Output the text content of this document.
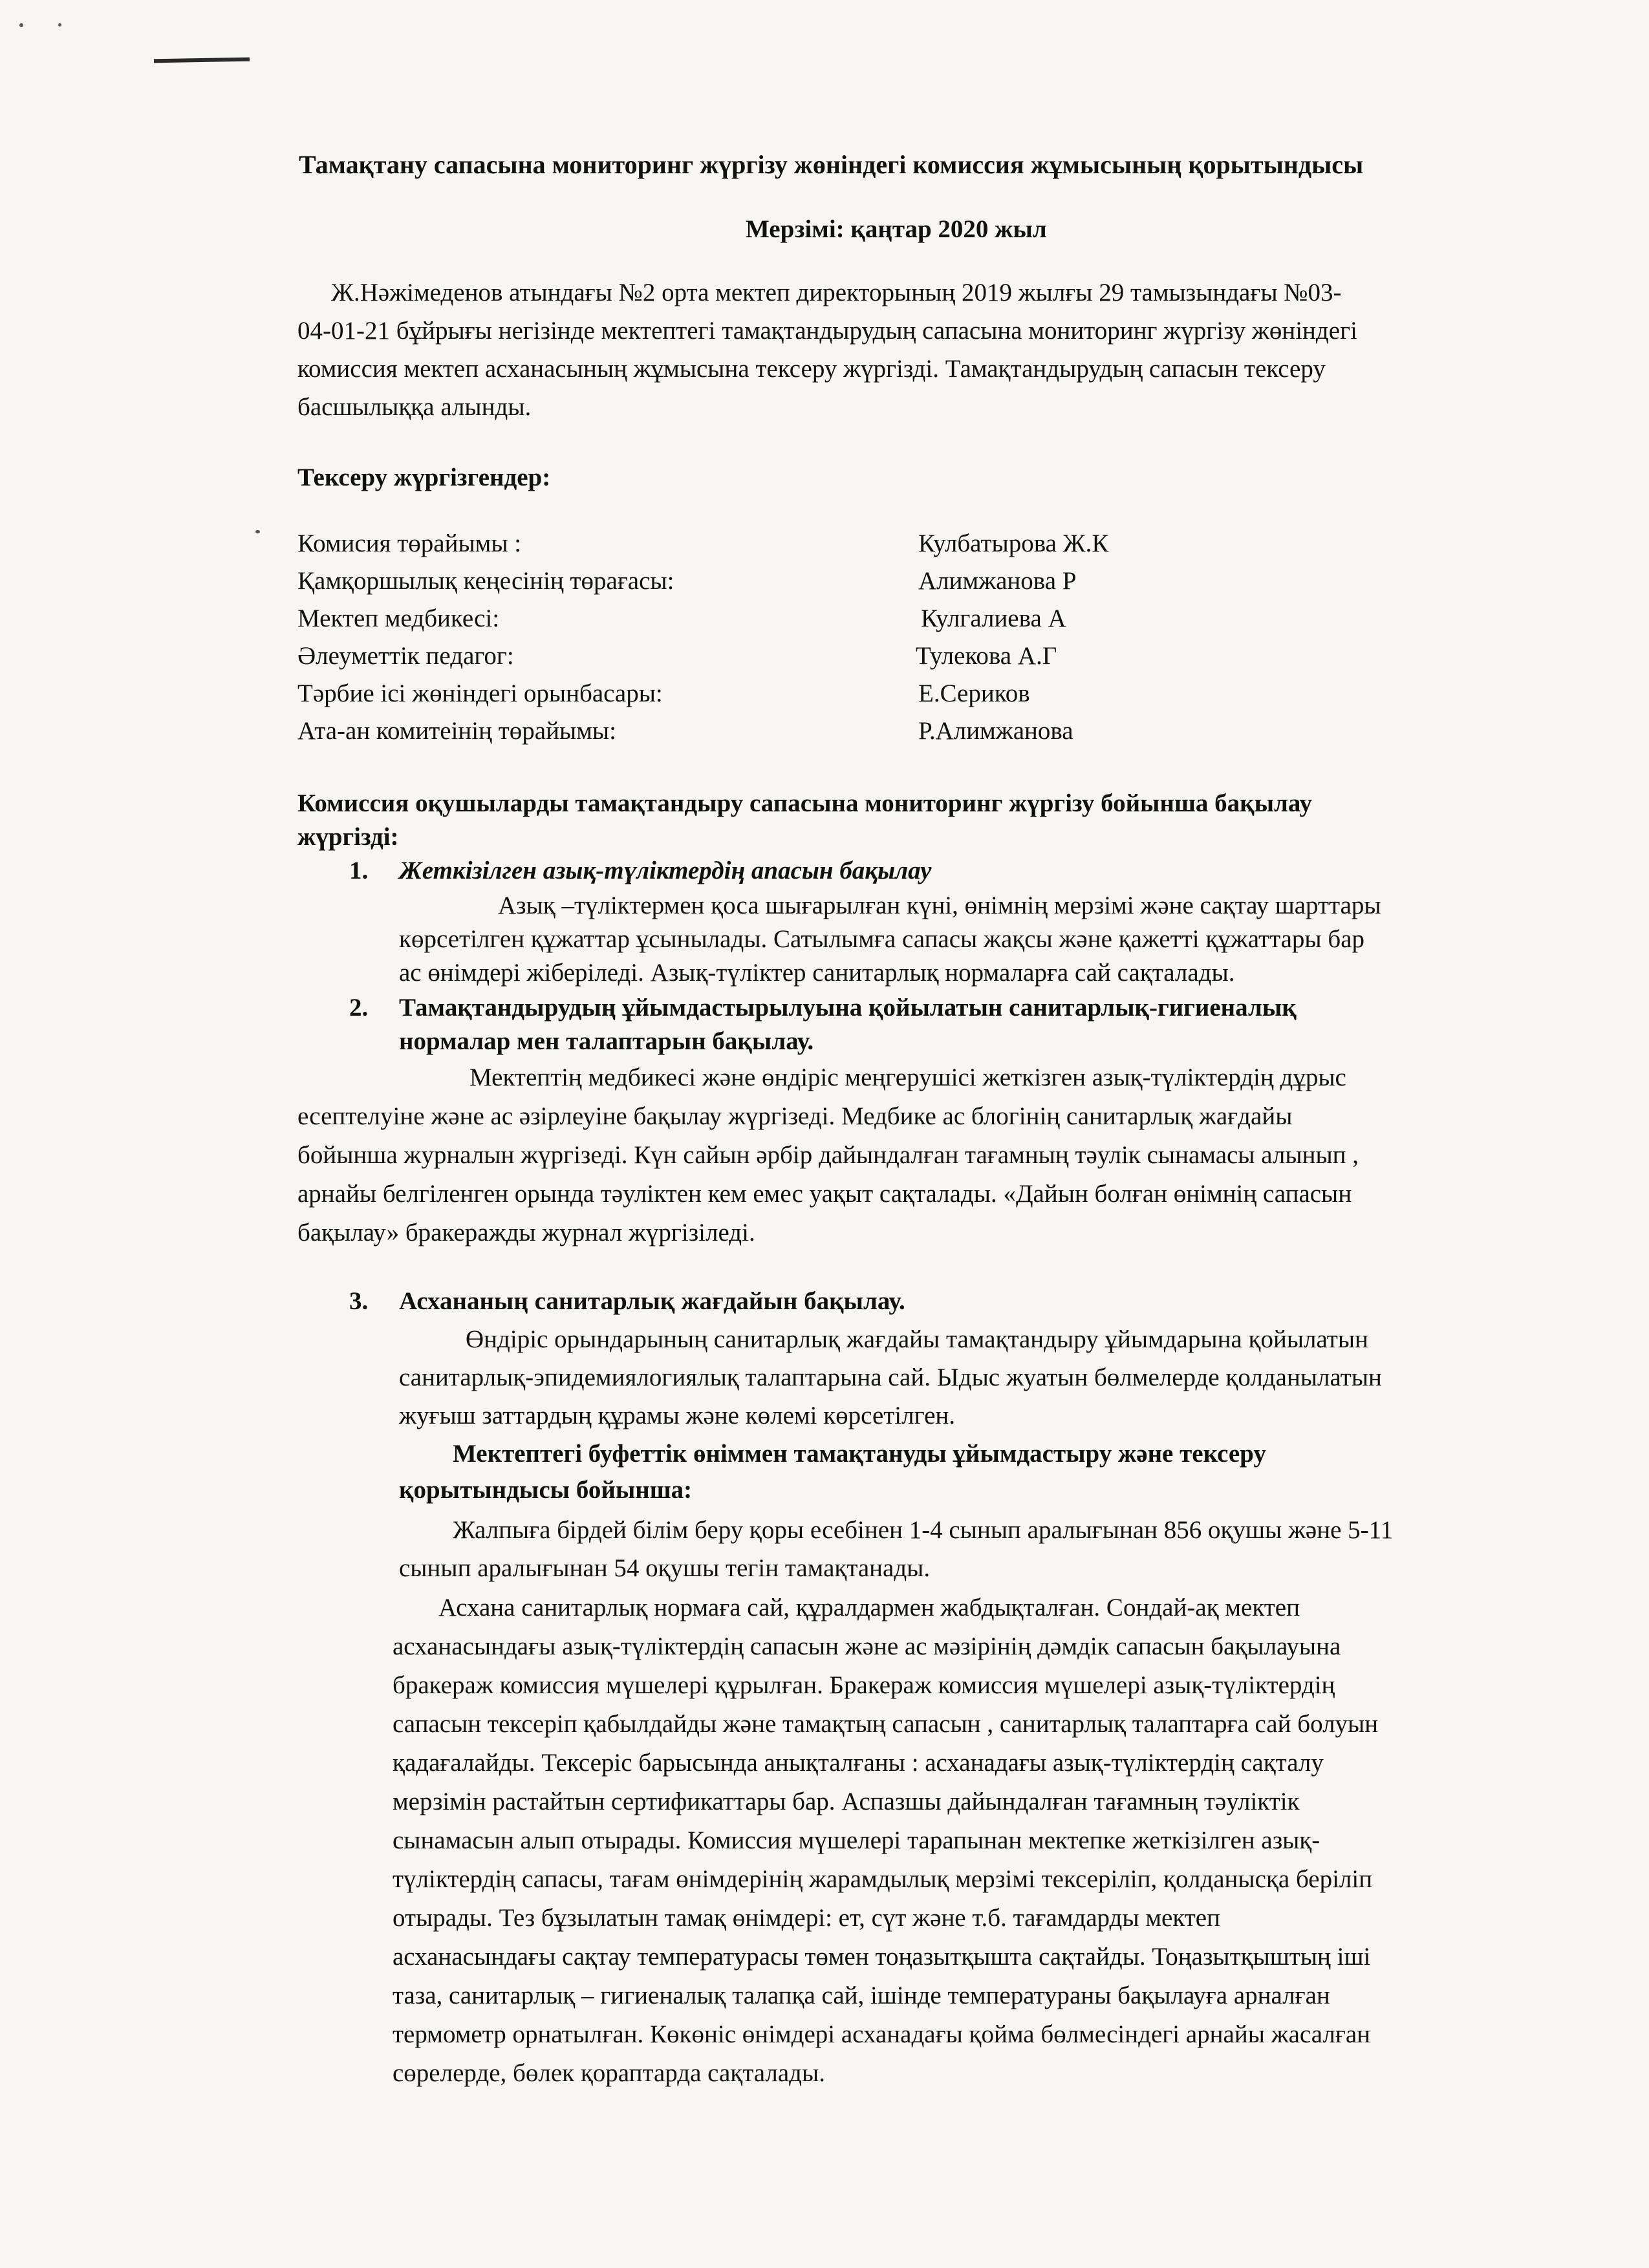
Тамақтану сапасына мониторинг жүргізу жөніндегі комиссия жұмысының қорытындысы
Мерзімі: қаңтар 2020 жыл
Ж.Нәжімеденов атындағы №2 орта мектеп директорының 2019 жылғы 29 тамызындағы №03-
04-01-21 бұйрығы негізінде мектептегі тамақтандырудың сапасына мониторинг жүргізу жөніндегі
комиссия мектеп асханасының жұмысына тексеру жүргізді. Тамақтандырудың сапасын тексеру
басшылыққа алынды.
Тексеру жүргізгендер:
Комисия төрайымы :	Кулбатырова Ж.К
Қамқоршылық кеңесінің төрағасы:	Алимжанова Р
Мектеп медбикесі:	Кулгалиева А
Әлеуметтік педагог:	Тулекова А.Г
Тәрбие ісі жөніндегі орынбасары:	Е.Сериков
Ата-ан комитеінің төрайымы:	Р.Алимжанова
Комиссия оқушыларды тамақтандыру сапасына мониторинг жүргізу бойынша бақылау
жүргізді:
1. Жеткізілген азық-түліктердің апасын бақылау
Азық –түліктермен қоса шығарылған күні, өнімнің мерзімі және сақтау шарттары
көрсетілген құжаттар ұсынылады. Сатылымға сапасы жақсы және қажетті құжаттары бар
ас өнімдері жіберіледі. Азық-түліктер санитарлық нормаларға сай сақталады.
2. Тамақтандырудың ұйымдастырылуына қойылатын санитарлық-гигиеналық
нормалар мен талаптарын бақылау.
Мектептің медбикесі және өндіріс меңгерушісі жеткізген азық-түліктердің дұрыс
есептелуіне және ас әзірлеуіне бақылау жүргізеді. Медбике ас блогінің санитарлық жағдайы
бойынша журналын жүргізеді. Күн сайын әрбір дайындалған тағамның тәулік сынамасы алынып ,
арнайы белгіленген орында тәуліктен кем емес уақыт сақталады. «Дайын болған өнімнің сапасын
бақылау» бракеражды журнал жүргізіледі.
3. Асхананың санитарлық жағдайын бақылау.
Өндіріс орындарының санитарлық жағдайы тамақтандыру ұйымдарына қойылатын
санитарлық-эпидемиялогиялық талаптарына сай. Ыдыс жуатын бөлмелерде қолданылатын
жуғыш заттардың құрамы және көлемі көрсетілген.
Мектептегі буфеттік өніммен тамақтануды ұйымдастыру және тексеру
қорытындысы бойынша:
Жалпыға бірдей білім беру қоры есебінен 1-4 сынып аралығынан 856 оқушы және 5-11
сынып аралығынан 54 оқушы тегін тамақтанады.
Асхана санитарлық нормаға сай, құралдармен жабдықталған. Сондай-ақ мектеп
асханасындағы азық-түліктердің сапасын және ас мәзірінің дәмдік сапасын бақылауына
бракераж комиссия мүшелері құрылған. Бракераж комиссия мүшелері азық-түліктердің
сапасын тексеріп қабылдайды және тамақтың сапасын , санитарлық талаптарға сай болуын
қадағалайды. Тексеріс барысында анықталғаны : асханадағы азық-түліктердің сақталу
мерзімін растайтын сертификаттары бар. Аспазшы дайындалған тағамның тәуліктік
сынамасын алып отырады. Комиссия мүшелері тарапынан мектепке жеткізілген азық-
түліктердің сапасы, тағам өнімдерінің жарамдылық мерзімі тексеріліп, қолданысқа беріліп
отырады. Тез бұзылатын тамақ өнімдері: ет, сүт және т.б. тағамдарды мектеп
асханасындағы сақтау температурасы төмен тоңазытқышта сақтайды. Тоңазытқыштың іші
таза, санитарлық – гигиеналық талапқа сай, ішінде температураны бақылауға арналған
термометр орнатылған. Көкөніс өнімдері асханадағы қойма бөлмесіндегі арнайы жасалған
сөрелерде, бөлек қораптарда сақталады.
